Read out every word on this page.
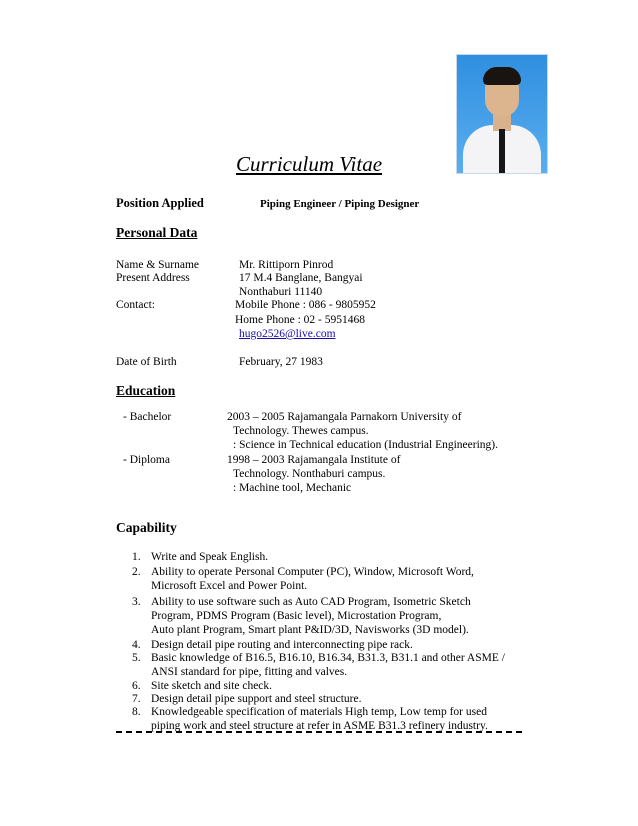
Curriculum Vitae
Position Applied	Piping Engineer / Piping Designer
Personal Data
Name & Surname	Mr. Rittiporn Pinrod
Present Address	17 M.4 Banglane, Bangyai
Nonthaburi 11140
Contact:	Mobile Phone : 086 - 9805952
Home Phone : 02 - 5951468
hugo2526@live.com
Date of Birth	February, 27 1983
Education
- Bachelor	2003 – 2005 Rajamangala Parnakorn University of
Technology. Thewes campus.
: Science in Technical education (Industrial Engineering).
- Diploma	1998 – 2003 Rajamangala Institute of
Technology. Nonthaburi campus.
: Machine tool, Mechanic
Capability
1. Write and Speak English.
2. Ability to operate Personal Computer (PC), Window, Microsoft Word,
Microsoft Excel and Power Point.
3. Ability to use software such as Auto CAD Program, Isometric Sketch
Program, PDMS Program (Basic level), Microstation Program,
Auto plant Program, Smart plant P&ID/3D, Navisworks (3D model).
4. Design detail pipe routing and interconnecting pipe rack.
5. Basic knowledge of B16.5, B16.10, B16.34, B31.3, B31.1 and other ASME /
ANSI standard for pipe, fitting and valves.
6. Site sketch and site check.
7. Design detail pipe support and steel structure.
8. Knowledgeable specification of materials High temp, Low temp for used
piping work and steel structure at refer in ASME B31.3 refinery industry.
